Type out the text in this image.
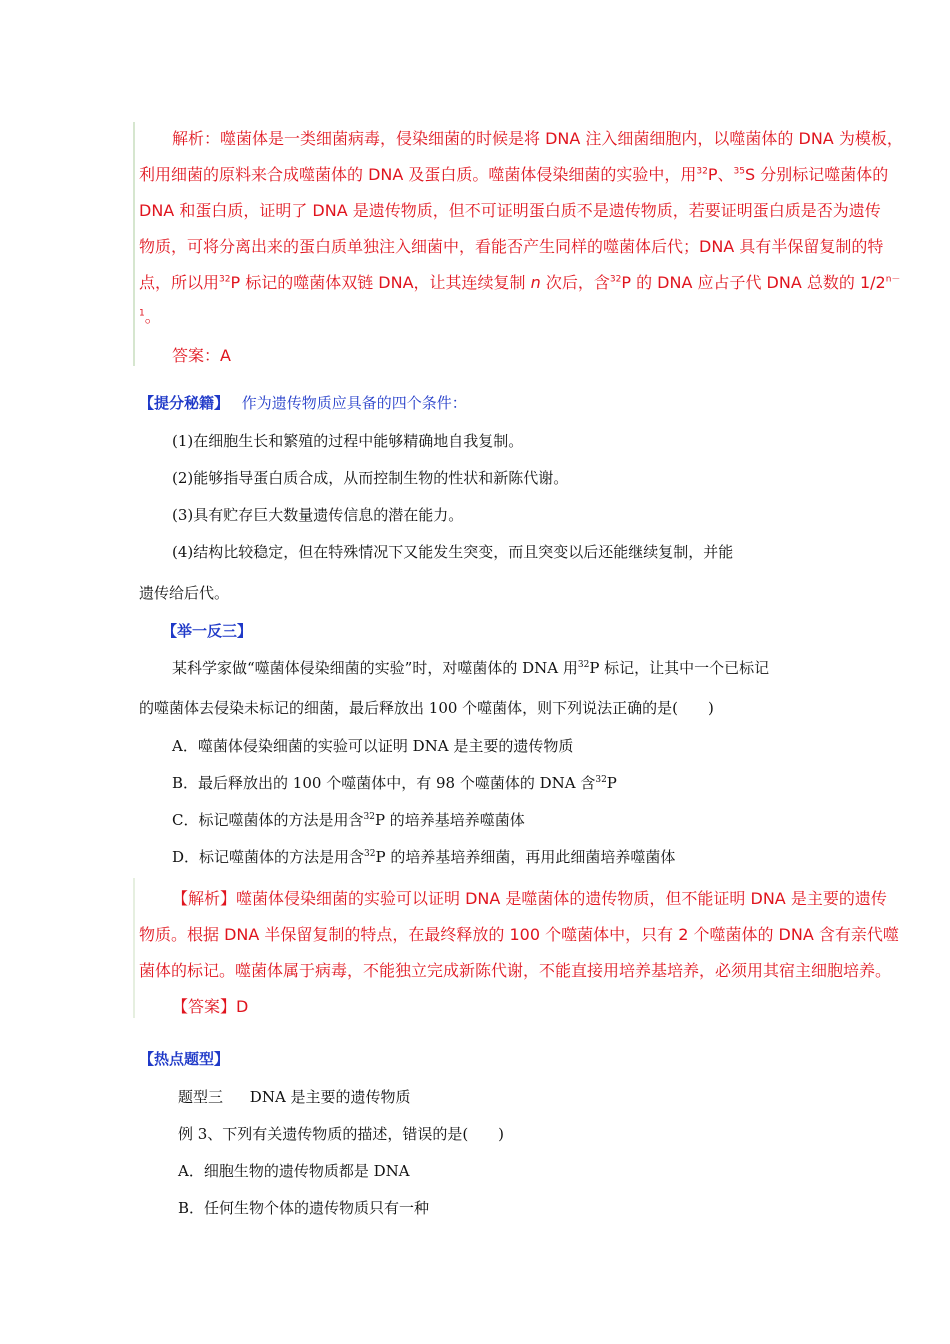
解析：噬菌体是一类细菌病毒，侵染细菌的时候是将 DNA 注入细菌细胞内，以噬菌体的 DNA 为模板，
利用细菌的原料来合成噬菌体的 DNA 及蛋白质。噬菌体侵染细菌的实验中，用$^{32}$P、$^{35}$S 分别标记噬菌体的
DNA 和蛋白质，证明了 DNA 是遗传物质，但不可证明蛋白质不是遗传物质，若要证明蛋白质是否为遗传
物质，可将分离出来的蛋白质单独注入细菌中，看能否产生同样的噬菌体后代；DNA 具有半保留复制的特
点，所以用$^{32}$P 标记的噬菌体双链 DNA，让其连续复制 n 次后，含$^{32}$P 的 DNA 应占子代 DNA 总数的 $1/2^{n-}$
$^1$。
答案：A
【提分秘籍】 作为遗传物质应具备的四个条件：
(1)在细胞生长和繁殖的过程中能够精确地自我复制。
(2)能够指导蛋白质合成，从而控制生物的性状和新陈代谢。
(3)具有贮存巨大数量遗传信息的潜在能力。
(4)结构比较稳定，但在特殊情况下又能发生突变，而且突变以后还能继续复制，并能
遗传给后代。
【举一反三】
某科学家做“噬菌体侵染细菌的实验”时，对噬菌体的 DNA 用$^{32}$P 标记，让其中一个已标记
的噬菌体去侵染未标记的细菌，最后释放出 100 个噬菌体，则下列说法正确的是(　　)
A．噬菌体侵染细菌的实验可以证明 DNA 是主要的遗传物质
B．最后释放出的 100 个噬菌体中，有 98 个噬菌体的 DNA 含$^{32}$P
C．标记噬菌体的方法是用含$^{32}$P 的培养基培养噬菌体
D．标记噬菌体的方法是用含$^{32}$P 的培养基培养细菌，再用此细菌培养噬菌体
【解析】噬菌体侵染细菌的实验可以证明 DNA 是噬菌体的遗传物质，但不能证明 DNA 是主要的遗传
物质。根据 DNA 半保留复制的特点，在最终释放的 100 个噬菌体中，只有 2 个噬菌体的 DNA 含有亲代噬
菌体的标记。噬菌体属于病毒，不能独立完成新陈代谢，不能直接用培养基培养，必须用其宿主细胞培养。
【答案】D
【热点题型】
题型三 DNA 是主要的遗传物质
例 3、下列有关遗传物质的描述，错误的是(　　)
A．细胞生物的遗传物质都是 DNA
B．任何生物个体的遗传物质只有一种
